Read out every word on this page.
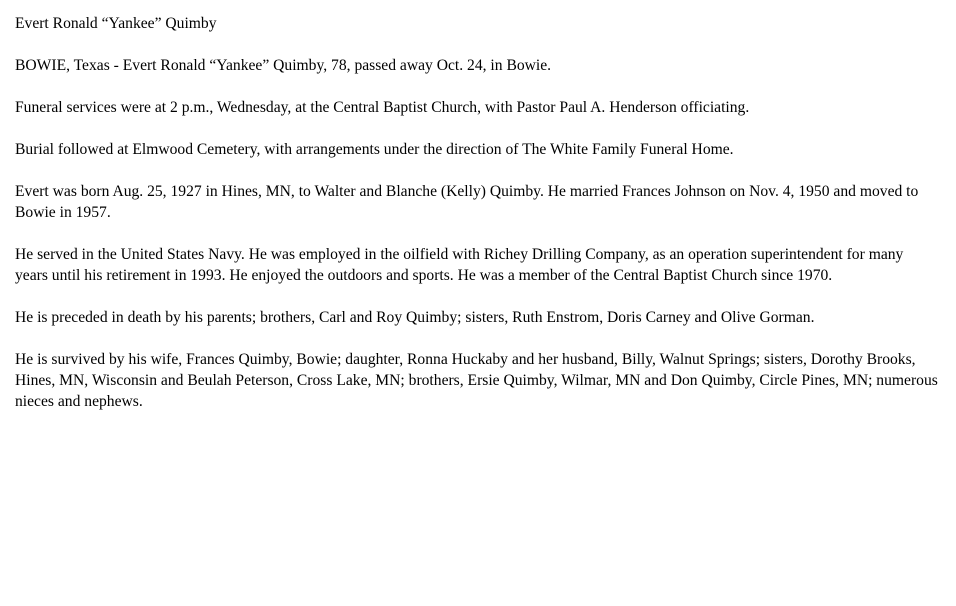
Evert Ronald “Yankee” Quimby

BOWIE, Texas - Evert Ronald “Yankee” Quimby, 78, passed away Oct. 24, in Bowie.

Funeral services were at 2 p.m., Wednesday, at the Central Baptist Church, with Pastor Paul A. Henderson officiating.

Burial followed at Elmwood Cemetery, with arrangements under the direction of The White Family Funeral Home.

Evert was born Aug. 25, 1927 in Hines, MN, to Walter and Blanche (Kelly) Quimby. He married Frances Johnson on Nov. 4, 1950 and moved to Bowie in 1957.

He served in the United States Navy. He was employed in the oilfield with Richey Drilling Company, as an operation superintendent for many years until his retirement in 1993. He enjoyed the outdoors and sports. He was a member of the Central Baptist Church since 1970.

He is preceded in death by his parents; brothers, Carl and Roy Quimby; sisters, Ruth Enstrom, Doris Carney and Olive Gorman.

He is survived by his wife, Frances Quimby, Bowie; daughter, Ronna Huckaby and her husband, Billy, Walnut Springs; sisters, Dorothy Brooks, Hines, MN, Wisconsin and Beulah Peterson, Cross Lake, MN; brothers, Ersie Quimby, Wilmar, MN and Don Quimby, Circle Pines, MN; numerous nieces and nephews.
